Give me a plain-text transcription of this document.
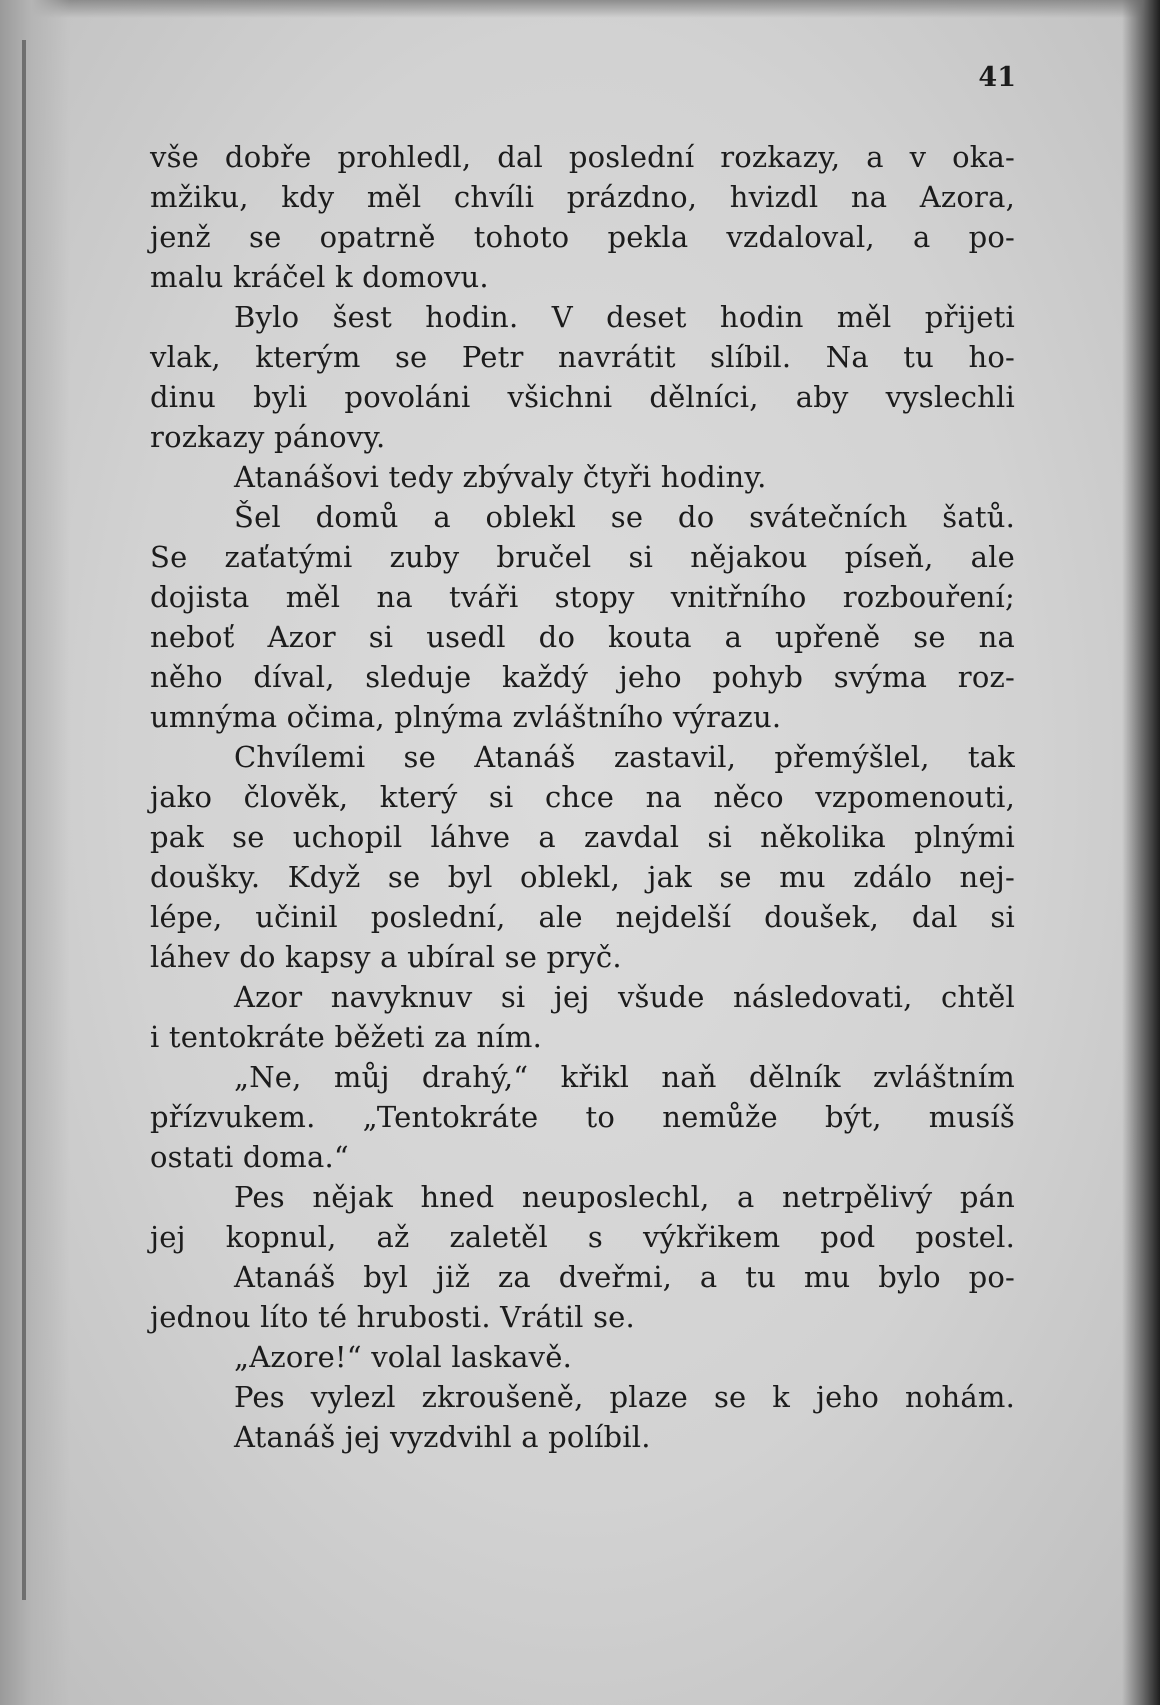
41
vše dobře prohledl, dal poslední rozkazy, a v oka-
mžiku, kdy měl chvíli prázdno, hvizdl na Azora,
jenž se opatrně tohoto pekla vzdaloval, a po-
malu kráčel k domovu.
Bylo šest hodin. V deset hodin měl přijeti
vlak, kterým se Petr navrátit slíbil. Na tu ho-
dinu byli povoláni všichni dělníci, aby vyslechli
rozkazy pánovy.
Atanášovi tedy zbývaly čtyři hodiny.
Šel domů a oblekl se do svátečních šatů.
Se zaťatými zuby bručel si nějakou píseň, ale
dojista měl na tváři stopy vnitřního rozbouření;
neboť Azor si usedl do kouta a upřeně se na
něho díval, sleduje každý jeho pohyb svýma roz-
umnýma očima, plnýma zvláštního výrazu.
Chvílemi se Atanáš zastavil, přemýšlel, tak
jako člověk, který si chce na něco vzpomenouti,
pak se uchopil láhve a zavdal si několika plnými
doušky. Když se byl oblekl, jak se mu zdálo nej-
lépe, učinil poslední, ale nejdelší doušek, dal si
láhev do kapsy a ubíral se pryč.
Azor navyknuv si jej všude následovati, chtěl
i tentokráte běžeti za ním.
„Ne, můj drahý,“ křikl naň dělník zvláštním
přízvukem. „Tentokráte to nemůže být, musíš
ostati doma.“
Pes nějak hned neuposlechl, a netrpělivý pán
jej kopnul, až zaletěl s výkřikem pod postel.
Atanáš byl již za dveřmi, a tu mu bylo po-
jednou líto té hrubosti. Vrátil se.
„Azore!“ volal laskavě.
Pes vylezl zkroušeně, plaze se k jeho nohám.
Atanáš jej vyzdvihl a políbil.
